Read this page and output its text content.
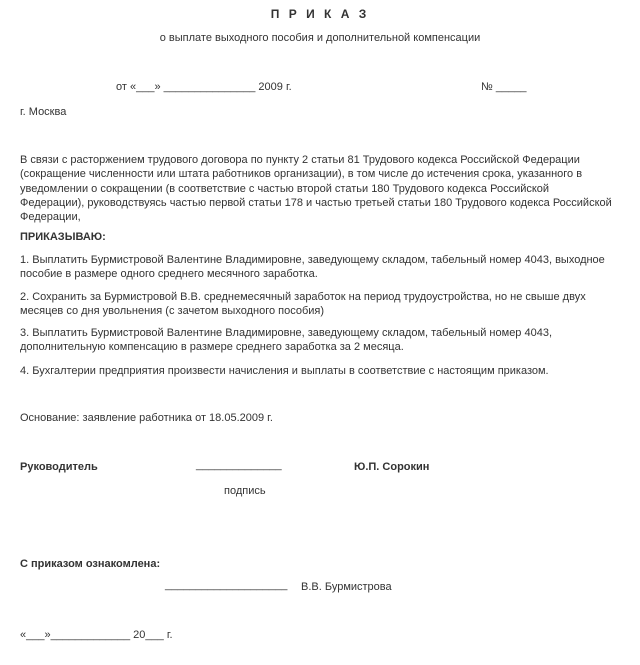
П Р И К А З
о выплате выходного пособия и дополнительной компенсации
от «___» _______________ 2009 г.	№ _____
г. Москва
В связи с расторжением трудового договора по пункту 2 статьи 81 Трудового кодекса Российской Федерации
(сокращение численности или штата работников организации), в том числе до истечения срока, указанного в
уведомлении о сокращении (в соответствие с частью второй статьи 180 Трудового кодекса Российской
Федерации), руководствуясь частью первой статьи 178 и частью третьей статьи 180 Трудового кодекса Российской
Федерации,
ПРИКАЗЫВАЮ:
1. Выплатить Бурмистровой Валентине Владимировне, заведующему складом, табельный номер 4043, выходное
пособие в размере одного среднего месячного заработка.
2. Сохранить за Бурмистровой В.В. среднемесячный заработок на период трудоустройства, но не свыше двух
месяцев со дня увольнения (с зачетом выходного пособия)
3. Выплатить Бурмистровой Валентине Владимировне, заведующему складом, табельный номер 4043,
дополнительную компенсацию в размере среднего заработка за 2 месяца.
4. Бухгалтерии предприятия произвести начисления и выплаты в соответствие с настоящим приказом.
Основание: заявление работника от 18.05.2009 г.
Руководитель	______________	Ю.П. Сорокин
подпись
С приказом ознакомлена:
____________________ В.В. Бурмистрова
«___»_____________ 20___ г.
